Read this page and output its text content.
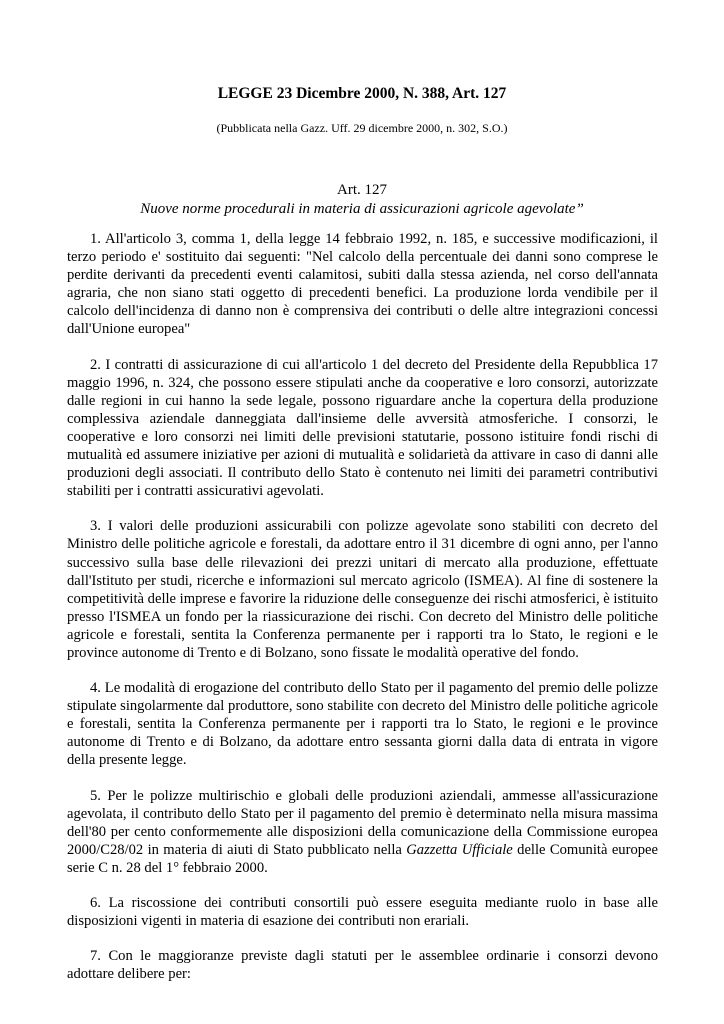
LEGGE 23 Dicembre 2000, N. 388, Art. 127
(Pubblicata nella Gazz. Uff. 29 dicembre 2000, n. 302, S.O.)
Art. 127
Nuove norme procedurali in materia di assicurazioni agricole agevolate”

1. All'articolo 3, comma 1, della legge 14 febbraio 1992, n. 185, e successive modificazioni, il terzo periodo e' sostituito dai seguenti: "Nel calcolo della percentuale dei danni sono comprese le perdite derivanti da precedenti eventi calamitosi, subiti dalla stessa azienda, nel corso dell'annata agraria, che non siano stati oggetto di precedenti benefici. La produzione lorda vendibile per il calcolo dell'incidenza di danno non è comprensiva dei contributi o delle altre integrazioni concessi dall'Unione europea"

2. I contratti di assicurazione di cui all'articolo 1 del decreto del Presidente della Repubblica 17 maggio 1996, n. 324, che possono essere stipulati anche da cooperative e loro consorzi, autorizzate dalle regioni in cui hanno la sede legale, possono riguardare anche la copertura della produzione complessiva aziendale danneggiata dall'insieme delle avversità atmosferiche. I consorzi, le cooperative e loro consorzi nei limiti delle previsioni statutarie, possono istituire fondi rischi di mutualità ed assumere iniziative per azioni di mutualità e solidarietà da attivare in caso di danni alle produzioni degli associati. Il contributo dello Stato è contenuto nei limiti dei parametri contributivi stabiliti per i contratti assicurativi agevolati.

3. I valori delle produzioni assicurabili con polizze agevolate sono stabiliti con decreto del Ministro delle politiche agricole e forestali, da adottare entro il 31 dicembre di ogni anno, per l'anno successivo sulla base delle rilevazioni dei prezzi unitari di mercato alla produzione, effettuate dall'Istituto per studi, ricerche e informazioni sul mercato agricolo (ISMEA). Al fine di sostenere la competitività delle imprese e favorire la riduzione delle conseguenze dei rischi atmosferici, è istituito presso l'ISMEA un fondo per la riassicurazione dei rischi. Con decreto del Ministro delle politiche agricole e forestali, sentita la Conferenza permanente per i rapporti tra lo Stato, le regioni e le province autonome di Trento e di Bolzano, sono fissate le modalità operative del fondo.

4. Le modalità di erogazione del contributo dello Stato per il pagamento del premio delle polizze stipulate singolarmente dal produttore, sono stabilite con decreto del Ministro delle politiche agricole e forestali, sentita la Conferenza permanente per i rapporti tra lo Stato, le regioni e le province autonome di Trento e di Bolzano, da adottare entro sessanta giorni dalla data di entrata in vigore della presente legge.

5. Per le polizze multirischio e globali delle produzioni aziendali, ammesse all'assicurazione agevolata, il contributo dello Stato per il pagamento del premio è determinato nella misura massima dell'80 per cento conformemente alle disposizioni della comunicazione della Commissione europea 2000/C28/02 in materia di aiuti di Stato pubblicato nella Gazzetta Ufficiale delle Comunità europee serie C n. 28 del 1° febbraio 2000.

6. La riscossione dei contributi consortili può essere eseguita mediante ruolo in base alle disposizioni vigenti in materia di esazione dei contributi non erariali.

7. Con le maggioranze previste dagli statuti per le assemblee ordinarie i consorzi devono adottare delibere per:
